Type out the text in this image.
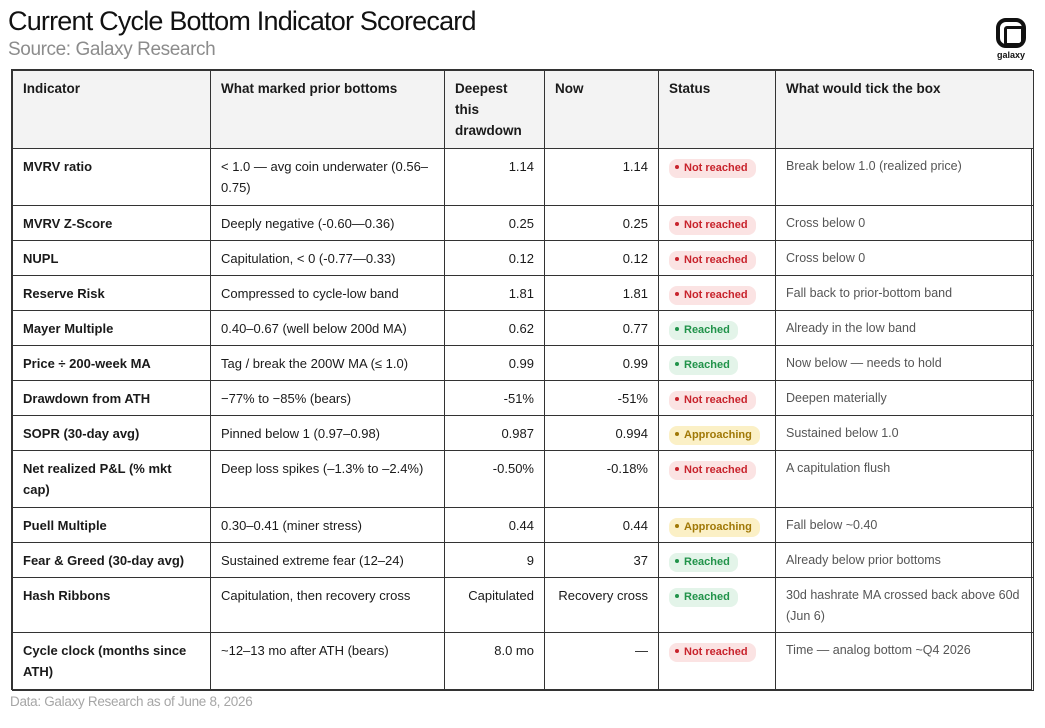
Current Cycle Bottom Indicator Scorecard
Source: Galaxy Research	galaxy
Indicator	What marked prior bottoms	Deepest this drawdown	Now	Status	What would tick the box
MVRV ratio	< 1.0 — avg coin underwater (0.56–0.75)	1.14	1.14	Not reached	Break below 1.0 (realized price)
MVRV Z-Score	Deeply negative (-0.60—0.36)	0.25	0.25	Not reached	Cross below 0
NUPL	Capitulation, < 0 (-0.77—0.33)	0.12	0.12	Not reached	Cross below 0
Reserve Risk	Compressed to cycle-low band	1.81	1.81	Not reached	Fall back to prior-bottom band
Mayer Multiple	0.40–0.67 (well below 200d MA)	0.62	0.77	Reached	Already in the low band
Price ÷ 200-week MA	Tag / break the 200W MA (≤ 1.0)	0.99	0.99	Reached	Now below — needs to hold
Drawdown from ATH	−77% to −85% (bears)	-51%	-51%	Not reached	Deepen materially
SOPR (30-day avg)	Pinned below 1 (0.97–0.98)	0.987	0.994	Approaching	Sustained below 1.0
Net realized P&L (% mkt cap)	Deep loss spikes (–1.3% to –2.4%)	-0.50%	-0.18%	Not reached	A capitulation flush
Puell Multiple	0.30–0.41 (miner stress)	0.44	0.44	Approaching	Fall below ~0.40
Fear & Greed (30-day avg)	Sustained extreme fear (12–24)	9	37	Reached	Already below prior bottoms
Hash Ribbons	Capitulation, then recovery cross	Capitulated	Recovery cross	Reached	30d hashrate MA crossed back above 60d (Jun 6)
Cycle clock (months since ATH)	~12–13 mo after ATH (bears)	8.0 mo	—	Not reached	Time — analog bottom ~Q4 2026
Data: Galaxy Research as of June 8, 2026
